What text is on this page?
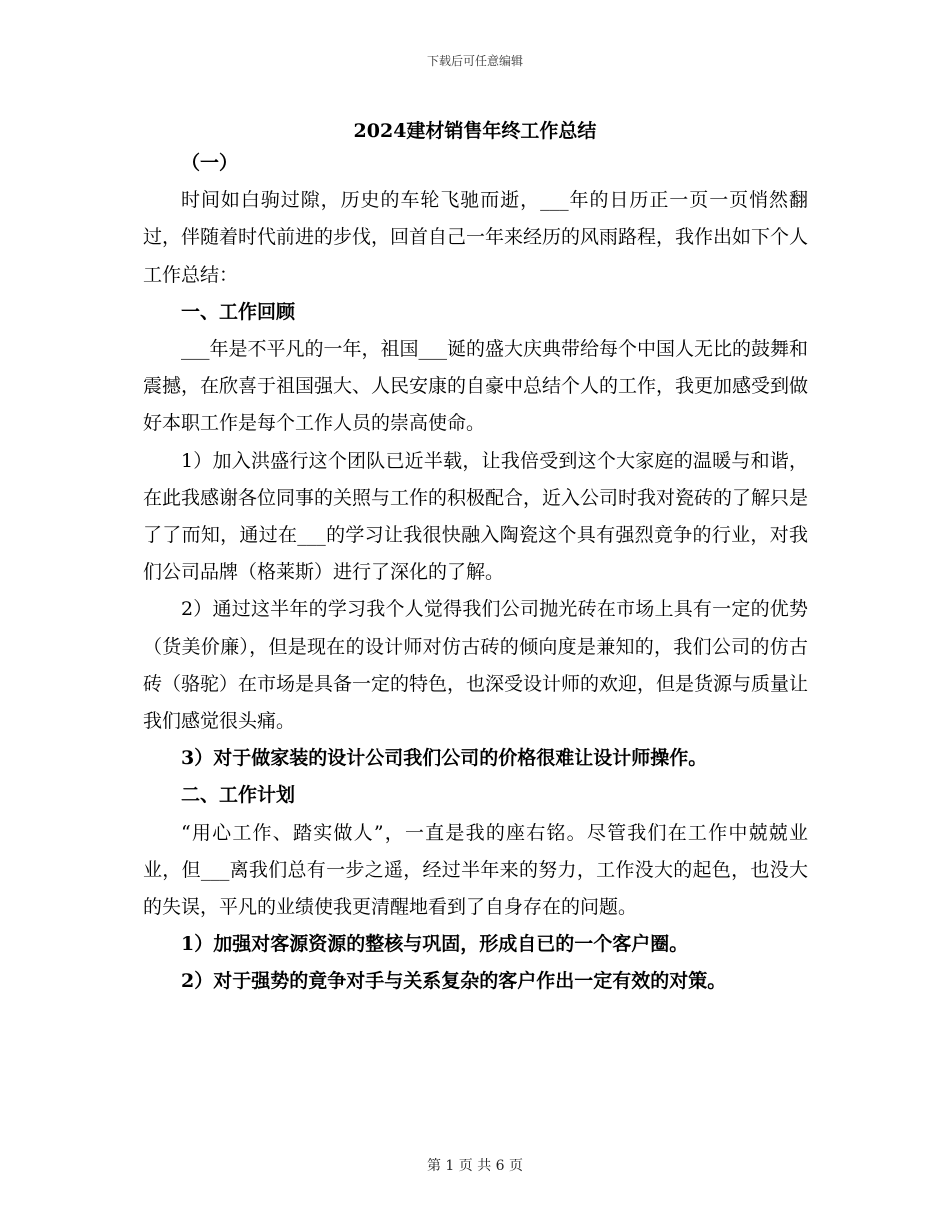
下载后可任意编辑
2024建材销售年终工作总结

（一）

时间如白驹过隙，历史的车轮飞驰而逝，___年的日历正一页一页悄然翻过，伴随着时代前进的步伐，回首自己一年来经历的风雨路程，我作出如下个人工作总结：

一、工作回顾

___年是不平凡的一年，祖国___诞的盛大庆典带给每个中国人无比的鼓舞和震撼，在欣喜于祖国强大、人民安康的自豪中总结个人的工作，我更加感受到做好本职工作是每个工作人员的崇高使命。

1）加入洪盛行这个团队已近半载，让我倍受到这个大家庭的温暖与和谐，在此我感谢各位同事的关照与工作的积极配合，近入公司时我对瓷砖的了解只是了了而知，通过在___的学习让我很快融入陶瓷这个具有强烈竟争的行业，对我们公司品牌（格莱斯）进行了深化的了解。

2）通过这半年的学习我个人觉得我们公司抛光砖在市场上具有一定的优势（货美价廉），但是现在的设计师对仿古砖的倾向度是兼知的，我们公司的仿古砖（骆驼）在市场是具备一定的特色，也深受设计师的欢迎，但是货源与质量让我们感觉很头痛。

3）对于做家装的设计公司我们公司的价格很难让设计师操作。

二、工作计划

“用心工作、踏实做人”，一直是我的座右铭。尽管我们在工作中兢兢业业，但___离我们总有一步之遥，经过半年来的努力，工作没大的起色，也没大的失误，平凡的业绩使我更清醒地看到了自身存在的问题。

1）加强对客源资源的整核与巩固，形成自已的一个客户圈。

2）对于强势的竟争对手与关系复杂的客户作出一定有效的对策。

第 1 页 共 6 页
